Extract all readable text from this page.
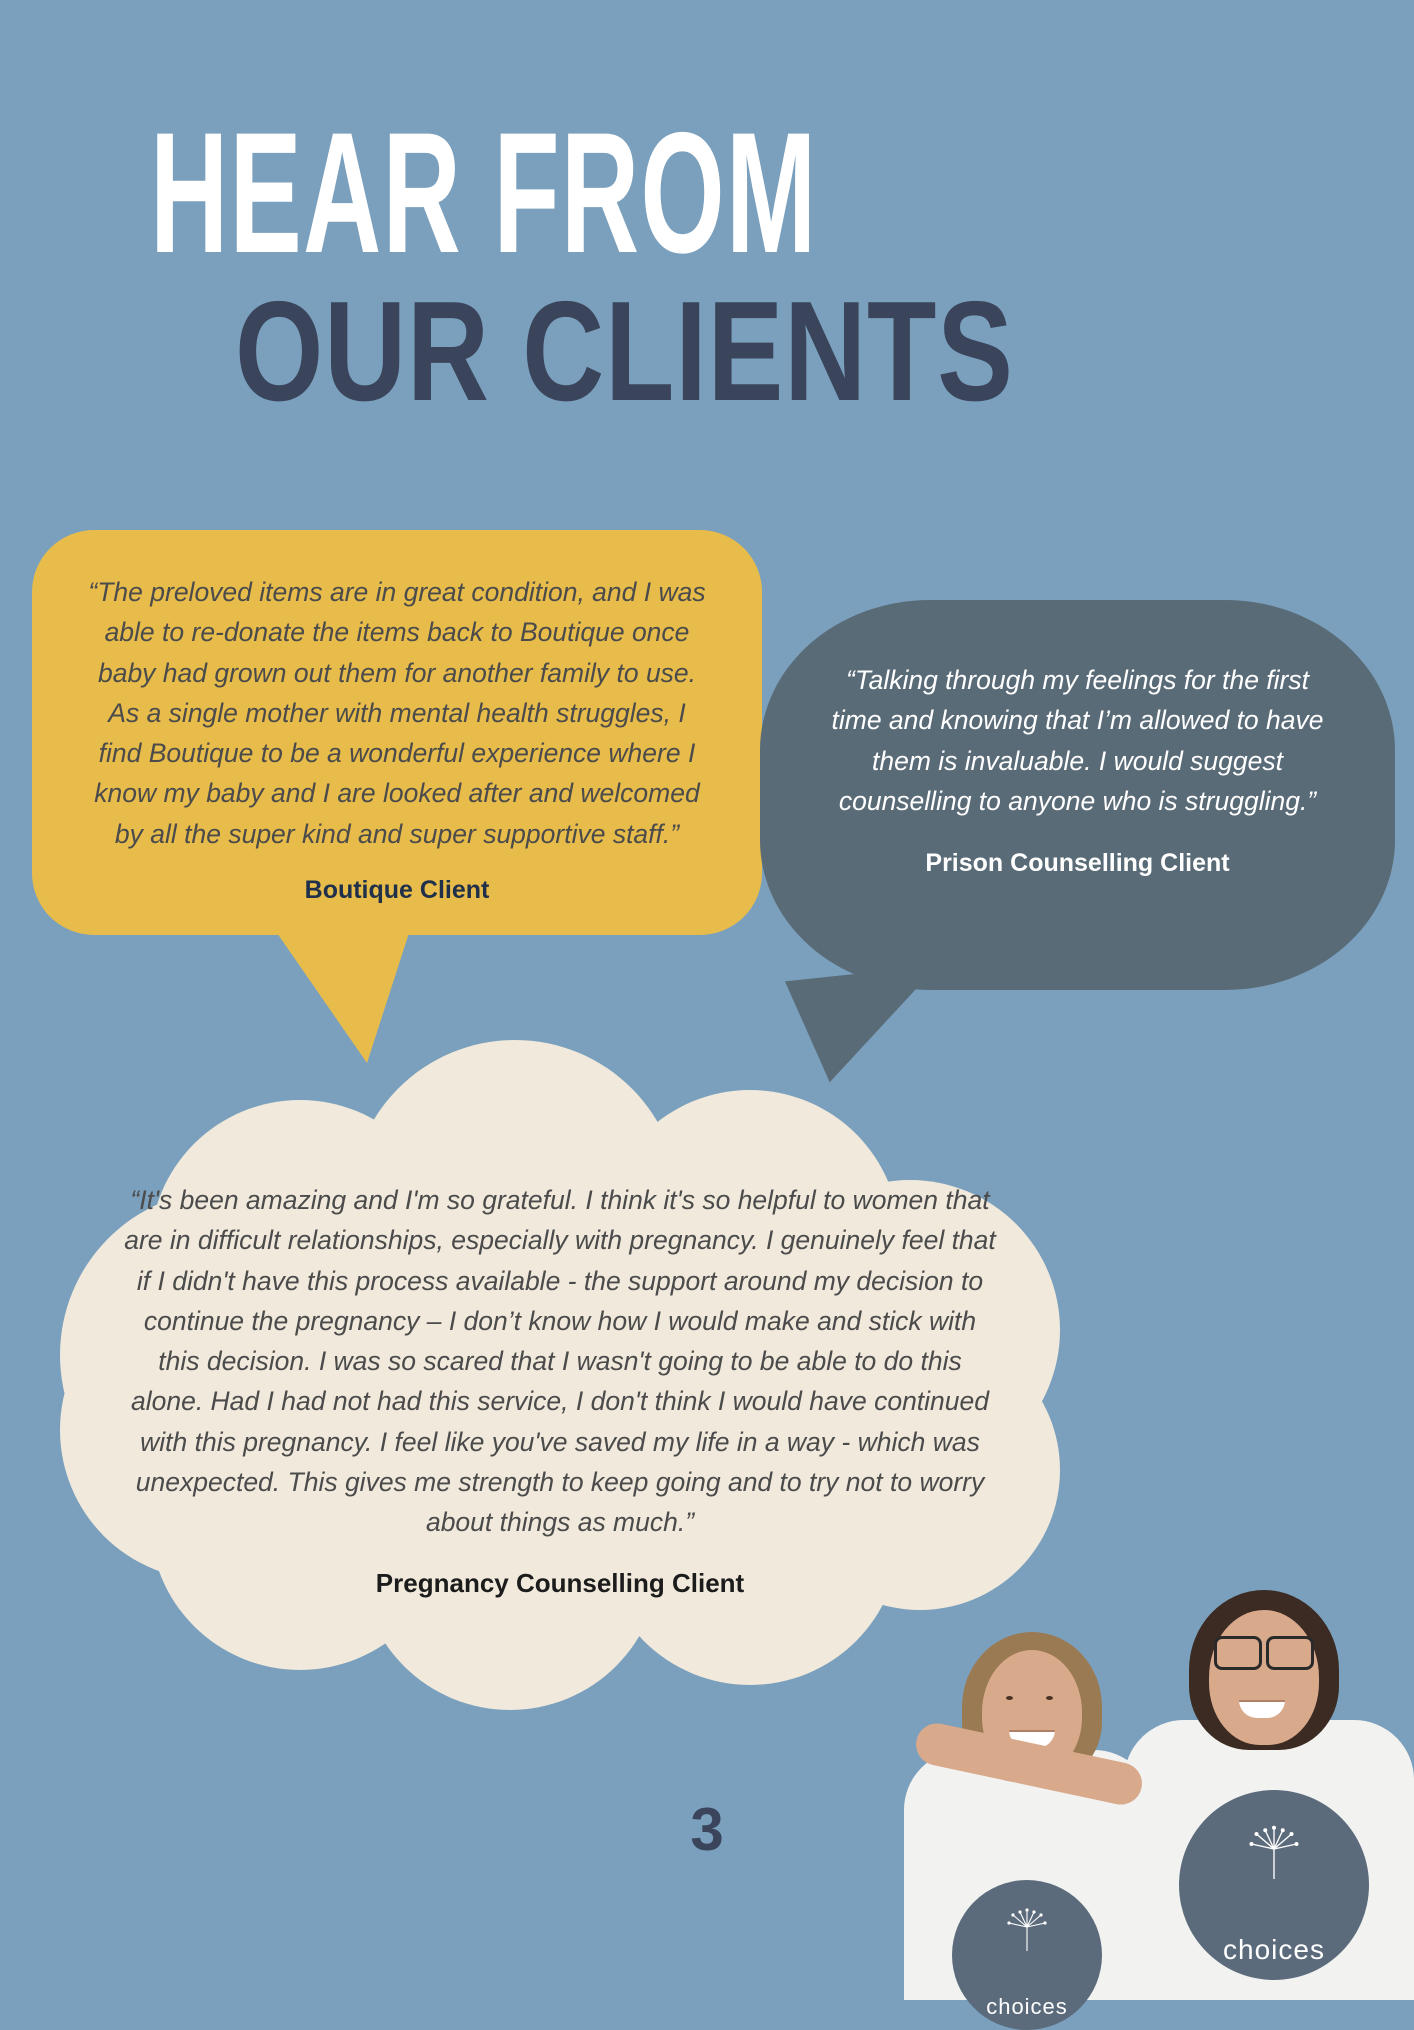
HEAR FROM
OUR CLIENTS
“The preloved items are in great condition, and I was able to re-donate the items back to Boutique once baby had grown out them for another family to use. As a single mother with mental health struggles, I find Boutique to be a wonderful experience where I know my baby and I are looked after and welcomed by all the super kind and super supportive staff.”
Boutique Client
“Talking through my feelings for the first time and knowing that I’m allowed to have them is invaluable. I would suggest counselling to anyone who is struggling.”
Prison Counselling Client
“It's been amazing and I'm so grateful. I think it's so helpful to women that are in difficult relationships, especially with pregnancy. I genuinely feel that if I didn't have this process available - the support around my decision to continue the pregnancy – I don’t know how I would make and stick with this decision. I was so scared that I wasn't going to be able to do this alone. Had I had not had this service, I don't think I would have continued with this pregnancy. I feel like you've saved my life in a way - which was unexpected. This gives me strength to keep going and to try not to worry about things as much.”
Pregnancy Counselling Client
3
choices
choices
